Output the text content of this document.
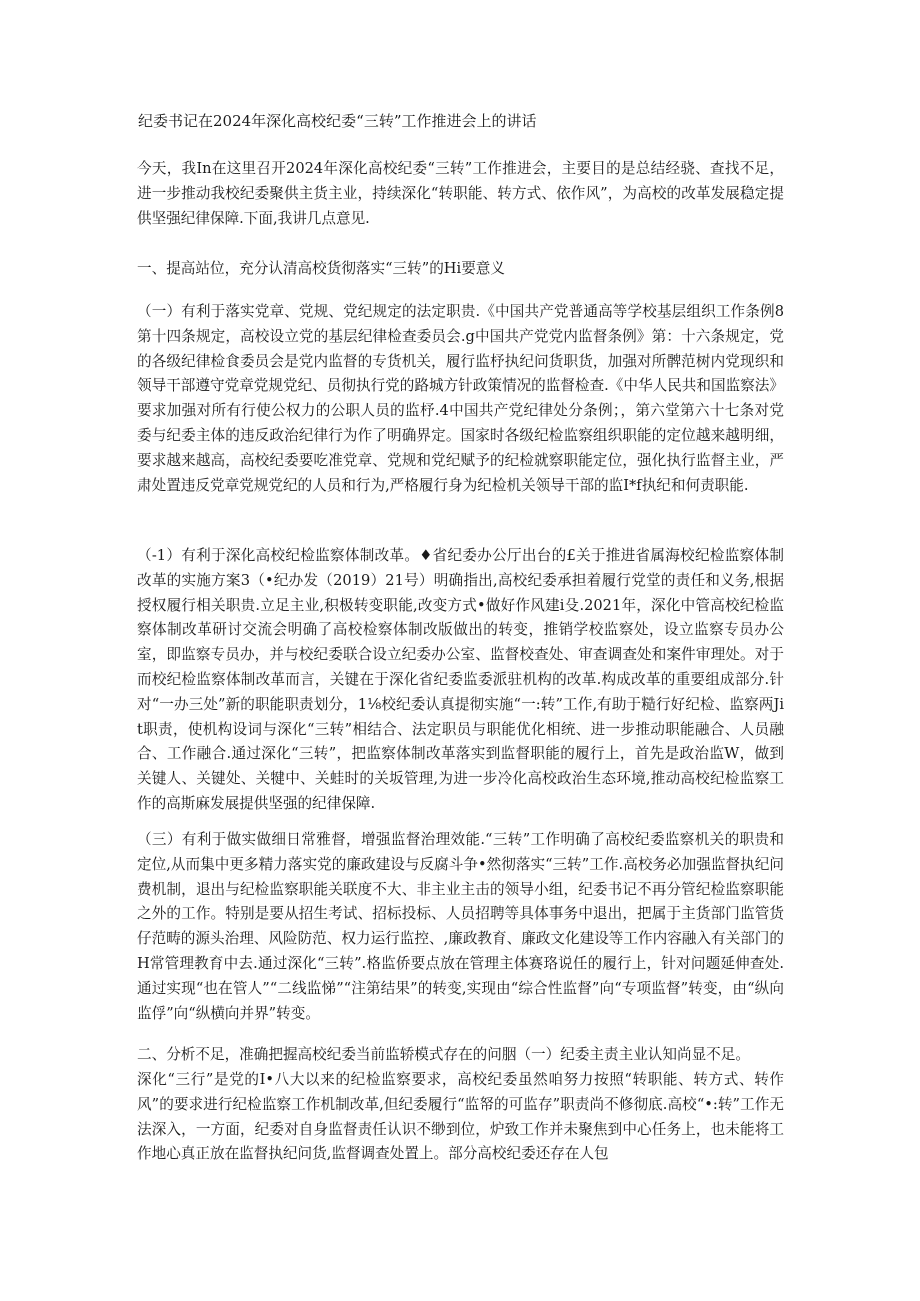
纪委书记在2024年深化高校纪委“三转”工作推进会上的讲话

今天，我In在这里召开2024年深化高校纪委“三转”工作推进会，主要目的是总结经骁、查找不足，进一步推动我校纪委聚供主货主业，持续深化“转职能、转方式、依作风”，为高校的改革发展稳定提供坚强纪律保障.下面,我讲几点意见.

一、提高站位，充分认清高校货彻落实“三转”的Hi要意义

（一）有利于落实党章、党规、党纪规定的法定职贵.《中国共产党普通高等学校基层组织工作条例8第十四条规定，高校设立党的基层纪律检查委员会.g中国共产党党内监督条例》第：十六条规定，党的各级纪律检食委员会是党内监督的专货机关，履行监杼执纪问货职货，加强对所髀范树内党现织和领导干部遵守党章党规党纪、员彻执行党的路城方针政策情况的监督检查.《中华人民共和国监察法》要求加强对所有行使公权力的公职人员的监杼.4中国共产党纪律处分条例；，第六堂第六十七条对党委与纪委主体的违反政治纪律行为作了明确界定。国家时各级纪检监察组织职能的定位越来越明细，要求越来越高，高校纪委要吃准党章、党规和党纪赋予的纪检就察职能定位，强化执行监督主业，严肃处置违反党章党规党纪的人员和行为,严格履行身为纪检机关领导干部的监I*f执纪和何责职能.

（-1）有利于深化高校纪检监察体制改革。♦省纪委办公厅出台的£关于推进省属海校纪检监察体制改革的实施方案3（•纪办发（2019）21号）明确指出,高校纪委承担着履行党堂的责任和义务,根据授权履行相关职贵.立足主业,积极转变职能,改变方式•做好作风建i殳.2021年，深化中管高校纪检监察体制改革研讨交流会明确了高校检察体制改版做出的转变，推销学校监察处，设立监察专员办公室，即监察专员办，并与校纪委联合设立纪委办公室、监督校查处、审查调查处和案件审理处。对于而校纪检监察体制改革而言，关键在于深化省纪委监委派驻机构的改革.构成改革的重要组成部分.针对“一办三处”新的职能职责划分，1⅛校纪委认真提彻实施“一:转”工作,有助于糙行好纪检、监察两Jit职责，使机构设词与深化“三转”相结合、法定职员与职能优化相统、进一步推动职能融合、人员融合、工作融合.通过深化“三转”，把监察体制改革落实到监督职能的履行上，首先是政治监W，做到关键人、关键处、关犍中、关蛙时的关坂管理,为进一步冷化高校政治生态环境,推动高校纪检监察工作的高斯麻发展提供坚强的纪律保障.

（三）有利于做实做细日常雅督，增强监督治理效能.“三转”工作明确了高校纪委监察机关的职贵和定位,从而集中更多精力落实党的廉政建设与反腐斗争•然彻落实“三转”工作.高校务必加强监督执纪问费机制，退出与纪检监察职能关联度不大、非主业主击的领导小组，纪委书记不再分管纪检监察职能之外的工作。特别是要从招生考试、招标投标、人员招聘等具体事务中退出，把属于主货部门监管货仔范畴的源头治理、风险防范、权力运行监控、,廉政教育、廉政文化建设等工作内容融入有关部门的H常管理教育中去.通过深化“三转”.格监侨要点放在管理主体赛珞说任的履行上，针对问题延伸查处.通过实现“也在管人”“二线监悌”“注第结果”的转变,实现由“综合性监督”向“专项监督”转变，由“纵向监俘”向“纵横向并界”转变。

二、分析不足，准确把握高校纪委当前监轿模式存在的问胭（一）纪委主责主业认知尚显不足。

深化“三行”是党的I•八大以来的纪检监察要求，高校纪委虽然咱努力按照“转职能、转方式、转作风”的要求进行纪检监察工作机制改革,但纪委履行“监帑的可监存”职责尚不修彻底.高校“•:转”工作无法深入，一方面，纪委对自身监督责任认识不缈到位，炉致工作并未聚焦到中心任务上，也未能将工作地心真正放在监督执纪问货,监督调查处置上。部分高校纪委还存在人包
